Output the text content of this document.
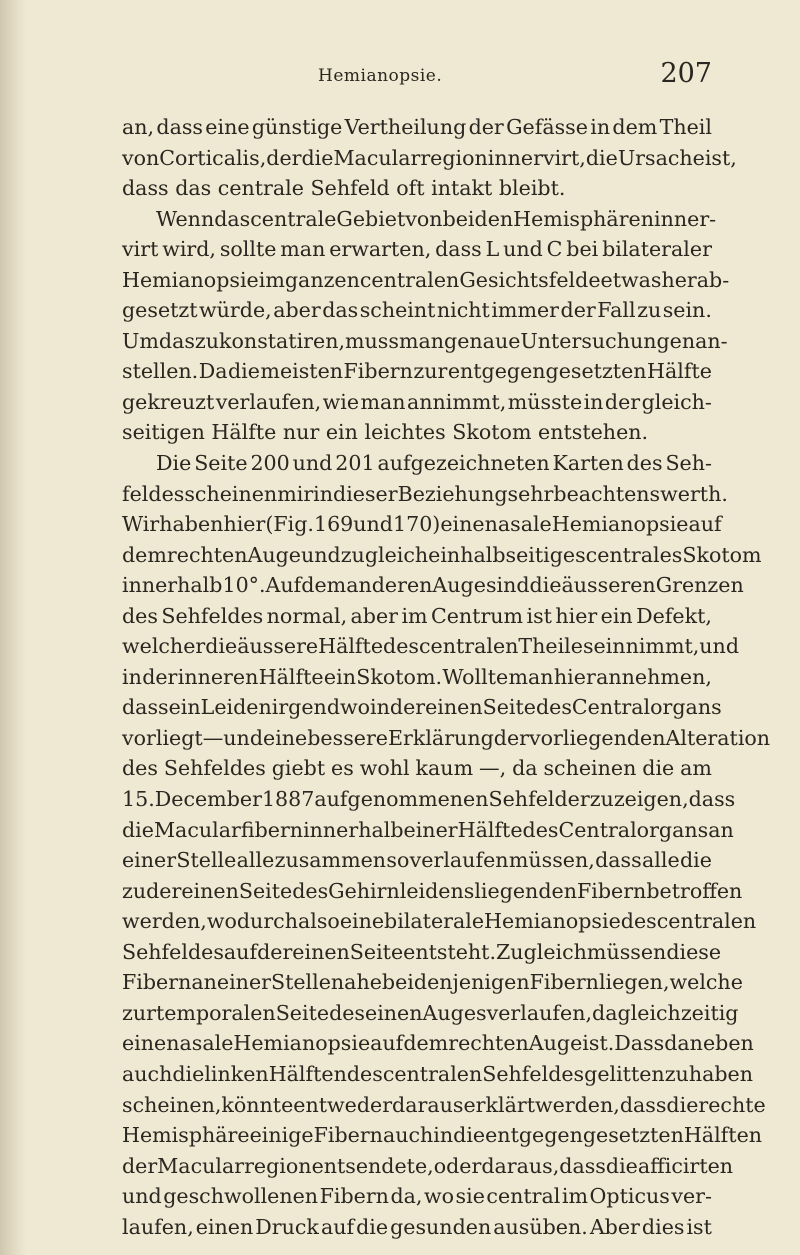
Hemianopsie.	207
an, dass eine günstige Vertheilung der Gefässe in dem Theil
von Corticalis, der die Macularregion innervirt, die Ursache ist,
dass das centrale Sehfeld oft intakt bleibt.
Wenn das centrale Gebiet von beiden Hemisphären inner-
virt wird, sollte man erwarten, dass L und C bei bilateraler
Hemianopsie im ganzen centralen Gesichtsfelde etwas herab-
gesetzt würde, aber das scheint nicht immer der Fall zu sein.
Um das zu konstatiren, muss man genaue Untersuchungen an-
stellen. Da die meisten Fibern zur entgegengesetzten Hälfte
gekreuzt verlaufen, wie man annimmt, müsste in der gleich-
seitigen Hälfte nur ein leichtes Skotom entstehen.
Die Seite 200 und 201 aufgezeichneten Karten des Seh-
feldes scheinen mir in dieser Beziehung sehr beachtenswerth.
Wir haben hier (Fig. 169 und 170) eine nasale Hemianopsie auf
dem rechten Auge und zugleich ein halbseitiges centrales Skotom
innerhalb 10°. Auf dem anderen Auge sind die äusseren Grenzen
des Sehfeldes normal, aber im Centrum ist hier ein Defekt,
welcher die äussere Hälfte des centralen Theiles einnimmt, und
in der inneren Hälfte ein Skotom. Wollte man hier annehmen,
dass ein Leiden irgendwo in der einen Seite des Centralorgans
vorliegt — und eine bessere Erklärung der vorliegenden Alteration
des Sehfeldes giebt es wohl kaum —, da scheinen die am
15. December 1887 aufgenommenen Sehfelder zu zeigen, dass
die Macularfibern innerhalb einer Hälfte des Centralorgans an
einer Stelle alle zusammen so verlaufen müssen, dass alle die
zu der einen Seite des Gehirnleidens liegenden Fibern betroffen
werden, wodurch also eine bilaterale Hemianopsie des centralen
Sehfeldes auf der einen Seite entsteht. Zugleich müssen diese
Fibern an einer Stelle nahe bei denjenigen Fibern liegen, welche
zur temporalen Seite des einen Auges verlaufen, da gleichzeitig
eine nasale Hemianopsie auf dem rechten Auge ist. Dass daneben
auch die linken Hälften des centralen Sehfeldes gelitten zu haben
scheinen, könnte entweder daraus erklärt werden, dass die rechte
Hemisphäre einige Fibern auch in die entgegengesetzten Hälften
der Macularregion entsendete, oder daraus, dass die afficirten
und geschwollenen Fibern da, wo sie central im Opticus ver-
laufen, einen Druck auf die gesunden ausüben. Aber dies ist
